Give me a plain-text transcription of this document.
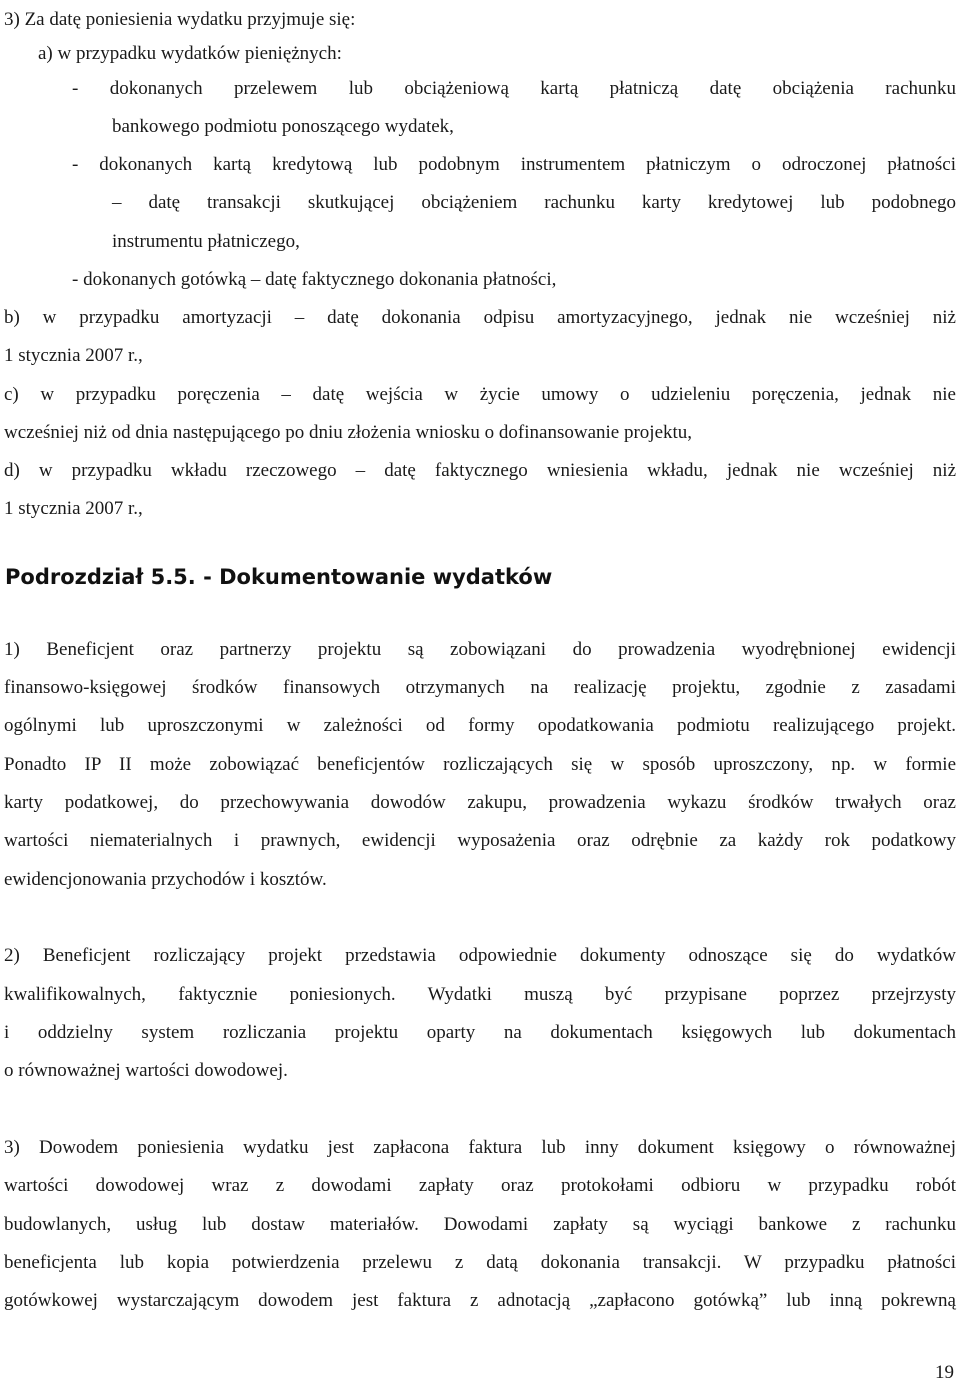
3) Za datę poniesienia wydatku przyjmuje się:
a) w przypadku wydatków pieniężnych:
- dokonanych przelewem lub obciążeniową kartą płatniczą datę obciążenia rachunku
bankowego podmiotu ponoszącego wydatek,
- dokonanych kartą kredytową lub podobnym instrumentem płatniczym o odroczonej płatności
– datę transakcji skutkującej obciążeniem rachunku karty kredytowej lub podobnego
instrumentu płatniczego,
- dokonanych gotówką – datę faktycznego dokonania płatności,
b) w przypadku amortyzacji – datę dokonania odpisu amortyzacyjnego, jednak nie wcześniej niż
1 stycznia 2007 r.,
c) w przypadku poręczenia – datę wejścia w życie umowy o udzieleniu poręczenia, jednak nie
wcześniej niż od dnia następującego po dniu złożenia wniosku o dofinansowanie projektu,
d) w przypadku wkładu rzeczowego – datę faktycznego wniesienia wkładu, jednak nie wcześniej niż
1 stycznia 2007 r.,
Podrozdział 5.5. - Dokumentowanie wydatków
1) Beneficjent oraz partnerzy projektu są zobowiązani do prowadzenia wyodrębnionej ewidencji
finansowo-księgowej środków finansowych otrzymanych na realizację projektu, zgodnie z zasadami
ogólnymi lub uproszczonymi w zależności od formy opodatkowania podmiotu realizującego projekt.
Ponadto IP II może zobowiązać beneficjentów rozliczających się w sposób uproszczony, np. w formie
karty podatkowej, do przechowywania dowodów zakupu, prowadzenia wykazu środków trwałych oraz
wartości niematerialnych i prawnych, ewidencji wyposażenia oraz odrębnie za każdy rok podatkowy
ewidencjonowania przychodów i kosztów.
2) Beneficjent rozliczający projekt przedstawia odpowiednie dokumenty odnoszące się do wydatków
kwalifikowalnych, faktycznie poniesionych. Wydatki muszą być przypisane poprzez przejrzysty
i oddzielny system rozliczania projektu oparty na dokumentach księgowych lub dokumentach
o równoważnej wartości dowodowej.
3) Dowodem poniesienia wydatku jest zapłacona faktura lub inny dokument księgowy o równoważnej
wartości dowodowej wraz z dowodami zapłaty oraz protokołami odbioru w przypadku robót
budowlanych, usług lub dostaw materiałów. Dowodami zapłaty są wyciągi bankowe z rachunku
beneficjenta lub kopia potwierdzenia przelewu z datą dokonania transakcji. W przypadku płatności
gotówkowej wystarczającym dowodem jest faktura z adnotacją „zapłacono gotówką” lub inną pokrewną
19
